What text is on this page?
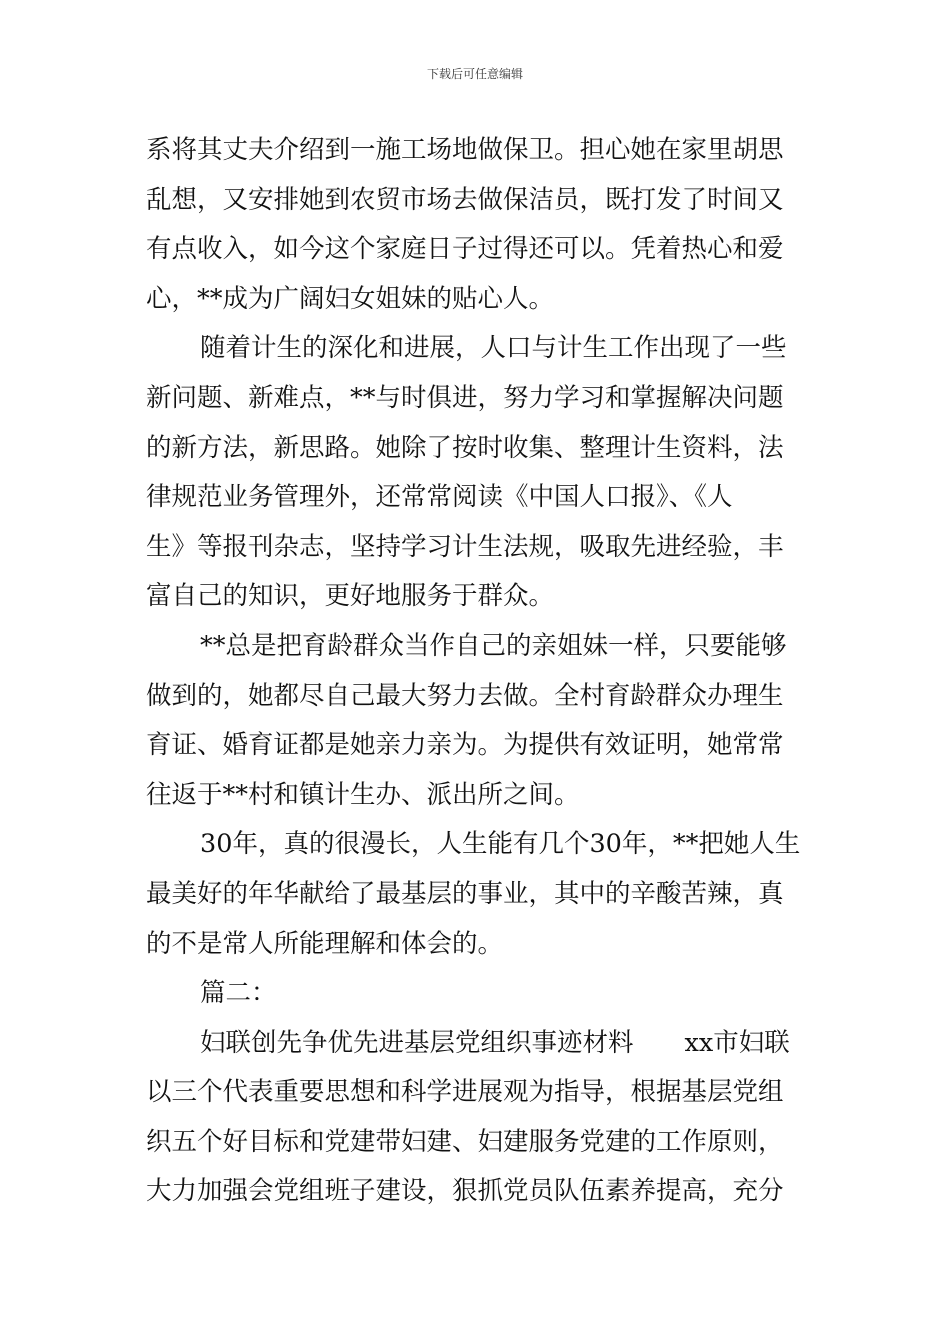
下载后可任意编辑
系将其丈夫介绍到一施工场地做保卫。担心她在家里胡思
乱想，又安排她到农贸市场去做保洁员，既打发了时间又
有点收入，如今这个家庭日子过得还可以。凭着热心和爱
心，**成为广阔妇女姐妹的贴心人。
随着计生的深化和进展，人口与计生工作出现了一些
新问题、新难点，**与时俱进，努力学习和掌握解决问题
的新方法，新思路。她除了按时收集、整理计生资料，法
律规范业务管理外，还常常阅读《中国人口报》、《人
生》等报刊杂志，坚持学习计生法规，吸取先进经验，丰
富自己的知识，更好地服务于群众。
**总是把育龄群众当作自己的亲姐妹一样，只要能够
做到的，她都尽自己最大努力去做。全村育龄群众办理生
育证、婚育证都是她亲力亲为。为提供有效证明，她常常
往返于**村和镇计生办、派出所之间。
30年，真的很漫长，人生能有几个30年，**把她人生
最美好的年华献给了最基层的事业，其中的辛酸苦辣，真
的不是常人所能理解和体会的。
篇二：
妇联创先争优先进基层党组织事迹材料　　xx市妇联
以三个代表重要思想和科学进展观为指导，根据基层党组
织五个好目标和党建带妇建、妇建服务党建的工作原则，
大力加强会党组班子建设，狠抓党员队伍素养提高，充分
